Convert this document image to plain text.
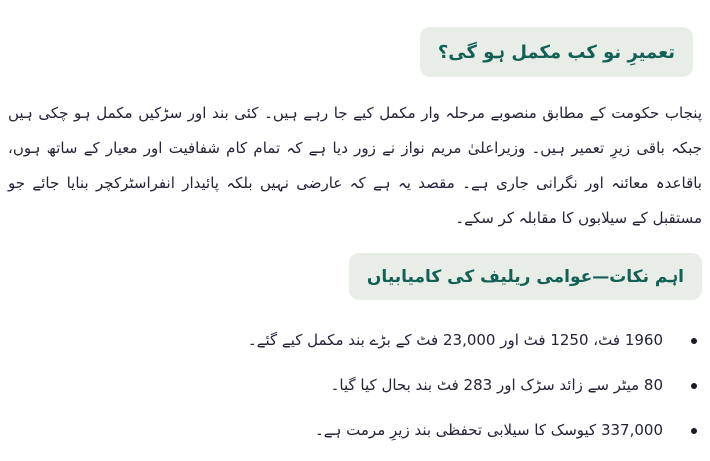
تعمیرِ نو کب مکمل ہو گی؟

پنجاب حکومت کے مطابق منصوبے مرحلہ وار مکمل کیے جا رہے ہیں۔ کئی بند اور سڑکیں مکمل ہو چکی ہیں جبکہ باقی زیرِ تعمیر ہیں۔ وزیراعلیٰ مریم نواز نے زور دیا ہے کہ تمام کام شفافیت اور معیار کے ساتھ ہوں، باقاعدہ معائنہ اور نگرانی جاری ہے۔ مقصد یہ ہے کہ عارضی نہیں بلکہ پائیدار انفراسٹرکچر بنایا جائے جو مستقبل کے سیلابوں کا مقابلہ کر سکے۔

اہم نکات—عوامی ریلیف کی کامیابیاں
1960 فٹ، 1250 فٹ اور 23,000 فٹ کے بڑے بند مکمل کیے گئے۔
80 میٹر سے زائد سڑک اور 283 فٹ بند بحال کیا گیا۔
337,000 کیوسک کا سیلابی تحفظی بند زیرِ مرمت ہے۔
